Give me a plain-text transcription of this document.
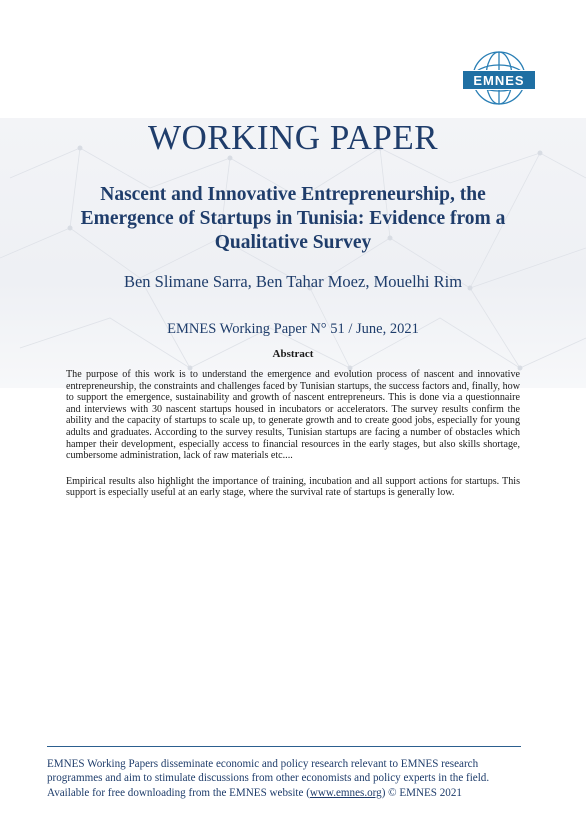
EMNES
WORKING PAPER
Nascent and Innovative Entrepreneurship, the Emergence of Startups in Tunisia: Evidence from a Qualitative Survey
Ben Slimane Sarra, Ben Tahar Moez, Mouelhi Rim
EMNES Working Paper N° 51 / June, 2021
Abstract

The purpose of this work is to understand the emergence and evolution process of nascent and innovative entrepreneurship, the constraints and challenges faced by Tunisian startups, the success factors and, finally, how to support the emergence, sustainability and growth of nascent entrepreneurs. This is done via a questionnaire and interviews with 30 nascent startups housed in incubators or accelerators. The survey results confirm the ability and the capacity of startups to scale up, to generate growth and to create good jobs, especially for young adults and graduates. According to the survey results, Tunisian startups are facing a number of obstacles which hamper their development, especially access to financial resources in the early stages, but also skills shortage, cumbersome administration, lack of raw materials etc....

Empirical results also highlight the importance of training, incubation and all support actions for startups. This support is especially useful at an early stage, where the survival rate of startups is generally low.

EMNES Working Papers disseminate economic and policy research relevant to EMNES research programmes and aim to stimulate discussions from other economists and policy experts in the field. Available for free downloading from the EMNES website (www.emnes.org) © EMNES 2021
